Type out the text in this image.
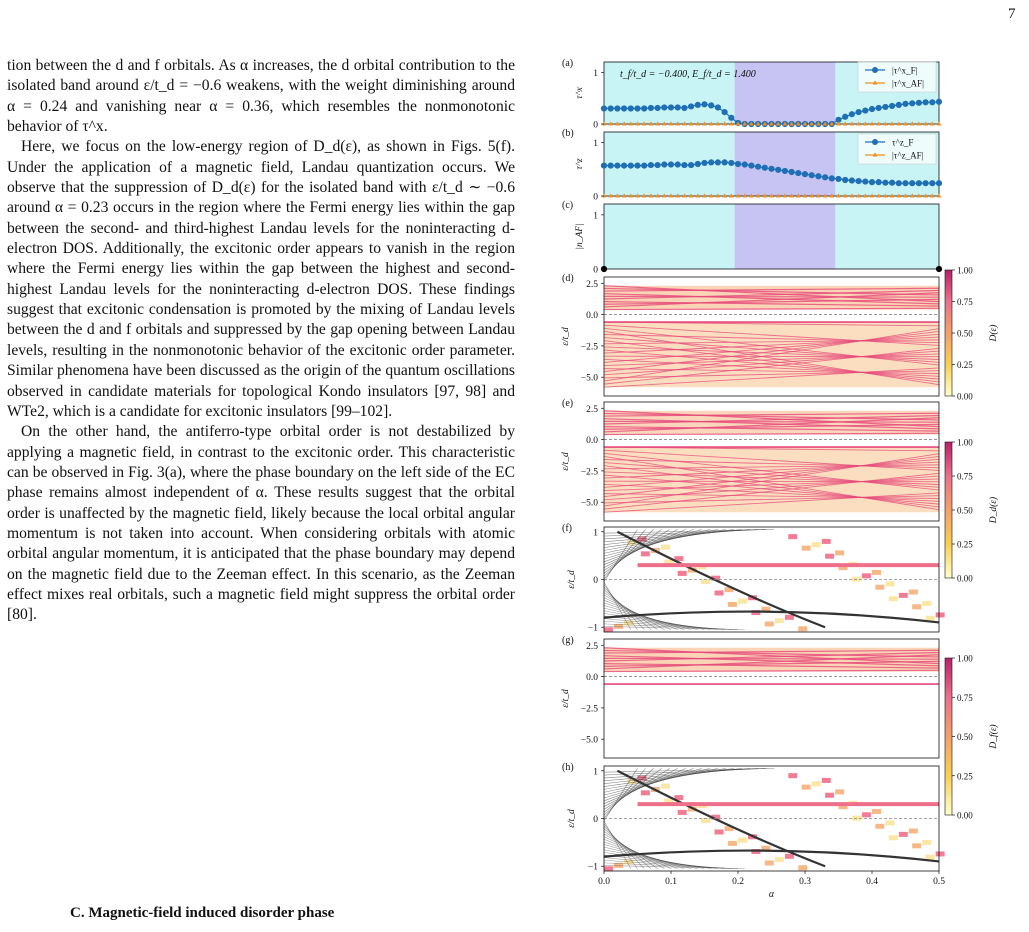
7

tion between the d and f orbitals. As α increases, the d orbital contribution to the isolated band around ε/t_d = −0.6 weakens, with the weight diminishing around α = 0.24 and vanishing near α = 0.36, which resembles the nonmonotonic behavior of τ^x.

Here, we focus on the low-energy region of D_d(ε), as shown in Figs. 5(f). Under the application of a magnetic field, Landau quantization occurs. We observe that the suppression of D_d(ε) for the isolated band with ε/t_d ∼ −0.6 around α = 0.23 occurs in the region where the Fermi energy lies within the gap between the second- and third-highest Landau levels for the noninteracting d-electron DOS. Additionally, the excitonic order appears to vanish in the region where the Fermi energy lies within the gap between the highest and second-highest Landau levels for the noninteracting d-electron DOS. These findings suggest that excitonic condensation is promoted by the mixing of Landau levels between the d and f orbitals and suppressed by the gap opening between Landau levels, resulting in the nonmonotonic behavior of the excitonic order parameter. Similar phenomena have been discussed as the origin of the quantum oscillations observed in candidate materials for topological Kondo insulators [97, 98] and WTe2, which is a candidate for excitonic insulators [99–102].

On the other hand, the antiferro-type orbital order is not destabilized by applying a magnetic field, in contrast to the excitonic order. This characteristic can be observed in Fig. 3(a), where the phase boundary on the left side of the EC phase remains almost independent of α. These results suggest that the orbital order is unaffected by the magnetic field, likely because the local orbital angular momentum is not taken into account. When considering orbitals with atomic orbital angular momentum, it is anticipated that the phase boundary may depend on the magnetic field due to the Zeeman effect. In this scenario, as the Zeeman effect mixes real orbitals, such a magnetic field might suppress the orbital order [80].

C. Magnetic-field induced disorder phase
0
1
τ^x
(a)
0
1
τ^z
(b)
0
1
|n_AF|
(c)
t_f/t_d = −0.400, E_f/t_d = 1.400	|τ^x_F|
|τ^x_AF|
τ^z_F
|τ^z_AF|
2.5
0.0
−2.5
−5.0
ε/t_d
(d)
2.5
0.0
−2.5
−5.0
ε/t_d
(e)
1
0
−1
ε/t_d
(f)
2.5
0.0
−2.5
−5.0
ε/t_d
(g)
1
0
−1
ε/t_d
(h)
0.0	0.1	0.2	0.3	0.4	0.5
α
1.00
0.75
0.50
0.25
0.00
D(ε)
1.00
0.75
0.50
0.25
0.00
D_d(ε)
1.00
0.75
0.50
0.25
0.00
D_f(ε)
